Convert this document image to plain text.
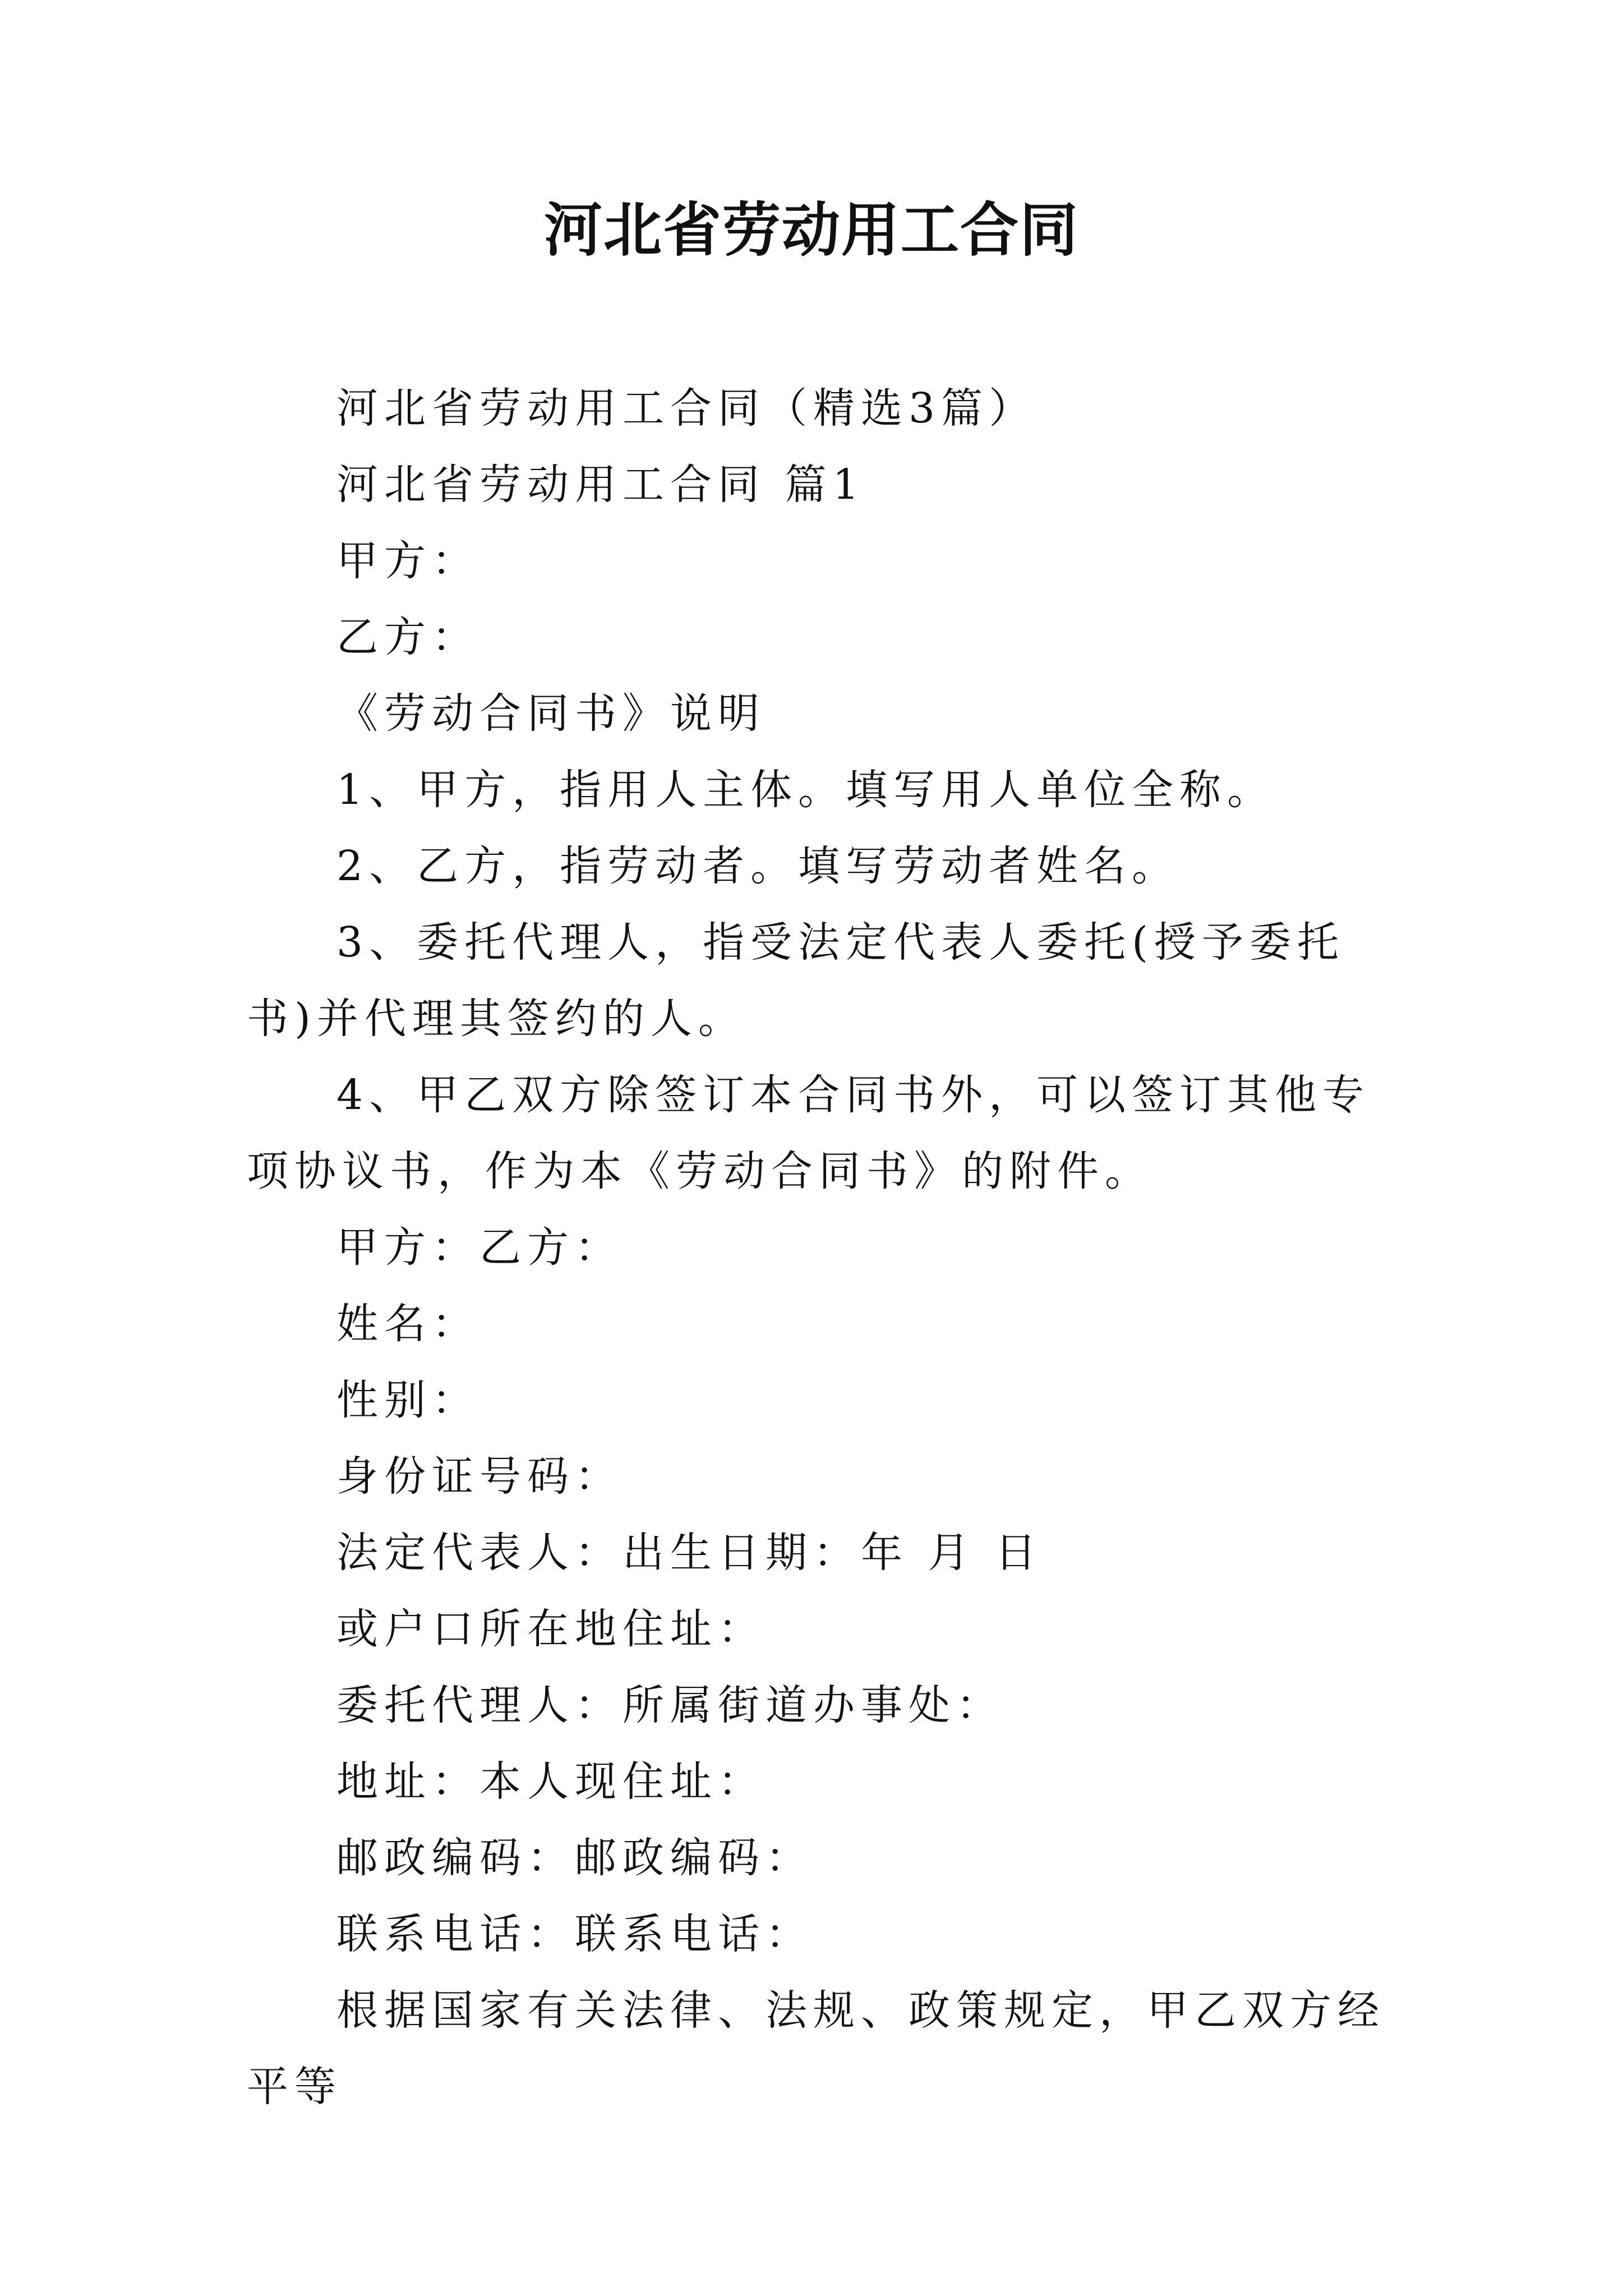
河北省劳动用工合同

河北省劳动用工合同（精选3篇）

河北省劳动用工合同 篇1

甲方：

乙方：

《劳动合同书》说明

1、甲方，指用人主体。填写用人单位全称。

2、乙方，指劳动者。填写劳动者姓名。

3、委托代理人，指受法定代表人委托(授予委托书)并代理其签约的人。

4、甲乙双方除签订本合同书外，可以签订其他专项协议书，作为本《劳动合同书》的附件。

甲方：乙方：

姓名：

性别：

身份证号码：

法定代表人：出生日期：年 月 日

或户口所在地住址：

委托代理人：所属街道办事处：

地址：本人现住址：

邮政编码：邮政编码：

联系电话：联系电话：

根据国家有关法律、法规、政策规定，甲乙双方经平等
